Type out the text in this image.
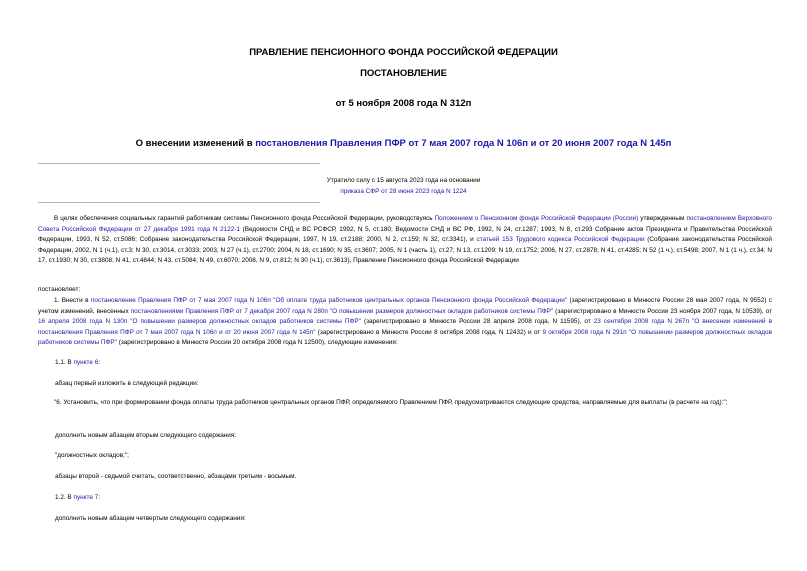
ПРАВЛЕНИЕ ПЕНСИОННОГО ФОНДА РОССИЙСКОЙ ФЕДЕРАЦИИ
ПОСТАНОВЛЕНИЕ
от 5 ноября 2008 года N 312п
О внесении изменений в постановления Правления ПФР от 7 мая 2007 года N 106п и от 20 июня 2007 года N 145п
Утратило силу с 15 августа 2023 года на основании
приказа СФР от 28 июня 2023 года N 1224
В целях обеспечения социальных гарантий работникам системы Пенсионного фонда Российской Федерации, руководствуясь Положением о Пенсионном фонде Российской Федерации (России) утвержденным постановлением Верховного Совета Российской Федерации от 27 декабря 1991 года N 2122-1 (Ведомости СНД и ВС РСФСР, 1992, N 5, ст.180; Ведомости СНД и ВС РФ, 1992, N 24, ст.1287; 1993, N 8, ст.293 Собрание актов Президента и Правительства Российской Федерации, 1993, N 52, ст.5086; Собрание законодательства Российской Федерации, 1997, N 19, ст.2188; 2000, N 2, ст.159; N 32, ст.3341), и статьей 153 Трудового кодекса Российской Федерации (Собрание законодательства Российской Федерации, 2002, N 1 (ч.1), ст.3; N 30, ст.3014, ст.3033; 2003, N 27 (ч.1), ст.2700; 2004, N 18, ст.1690; N 35, ст.3607; 2005, N 1 (часть 1), ст.27; N 13, ст.1209; N 19, ст.1752; 2006, N 27, ст.2878; N 41, ст.4285; N 52 (1 ч.), ст.5498; 2007, N 1 (1 ч.), ст.34; N 17, ст.1930; N 30, ст.3808; N 41, ст.4844; N 43, ст.5084; N 49, ст.6070; 2008, N 9, ст.812; N 30 (ч.1), ст.3613), Правление Пенсионного фонда Российской Федерации
постановляет:
1. Внести в постановление Правления ПФР от 7 мая 2007 года N 106п "Об оплате труда работников центральных органов Пенсионного фонда Российской Федерации" (зарегистрировано в Минюсте России 28 мая 2007 года, N 9552) с учетом изменений, внесенных постановлениями Правления ПФР от 7 декабря 2007 года N 280п "О повышении размеров должностных окладов работников системы ПФР" (зарегистрировано в Минюсте России 23 ноября 2007 года, N 10539), от 16 апреля 2008 года N 130п "О повышении размеров должностных окладов работников системы ПФР" (зарегистрировано в Минюсте России 28 апреля 2008 года, N 11595), от 23 сентября 2008 года N 267п "О внесении изменений в постановления Правления ПФР от 7 мая 2007 года N 106п и от 20 июня 2007 года N 145п" (зарегистрировано в Минюсте России 8 октября 2008 года, N 12432) и от 9 октября 2008 года N 291п "О повышении размеров должностных окладов работников системы ПФР" (зарегистрировано в Минюсте России 20 октября 2008 года N 12500), следующие изменения:
1.1. В пункте 6:
абзац первый изложить в следующей редакции:
"6. Установить, что при формировании фонда оплаты труда работников центральных органов ПФР, определяемого Правлением ПФР, предусматриваются следующие средства, направляемые для выплаты (в расчете на год):";
дополнить новым абзацем вторым следующего содержания:
"должностных окладов;";
абзацы второй - седьмой считать, соответственно, абзацами третьим - восьмым.
1.2. В пункте 7:
дополнить новым абзацем четвертым следующего содержания:
